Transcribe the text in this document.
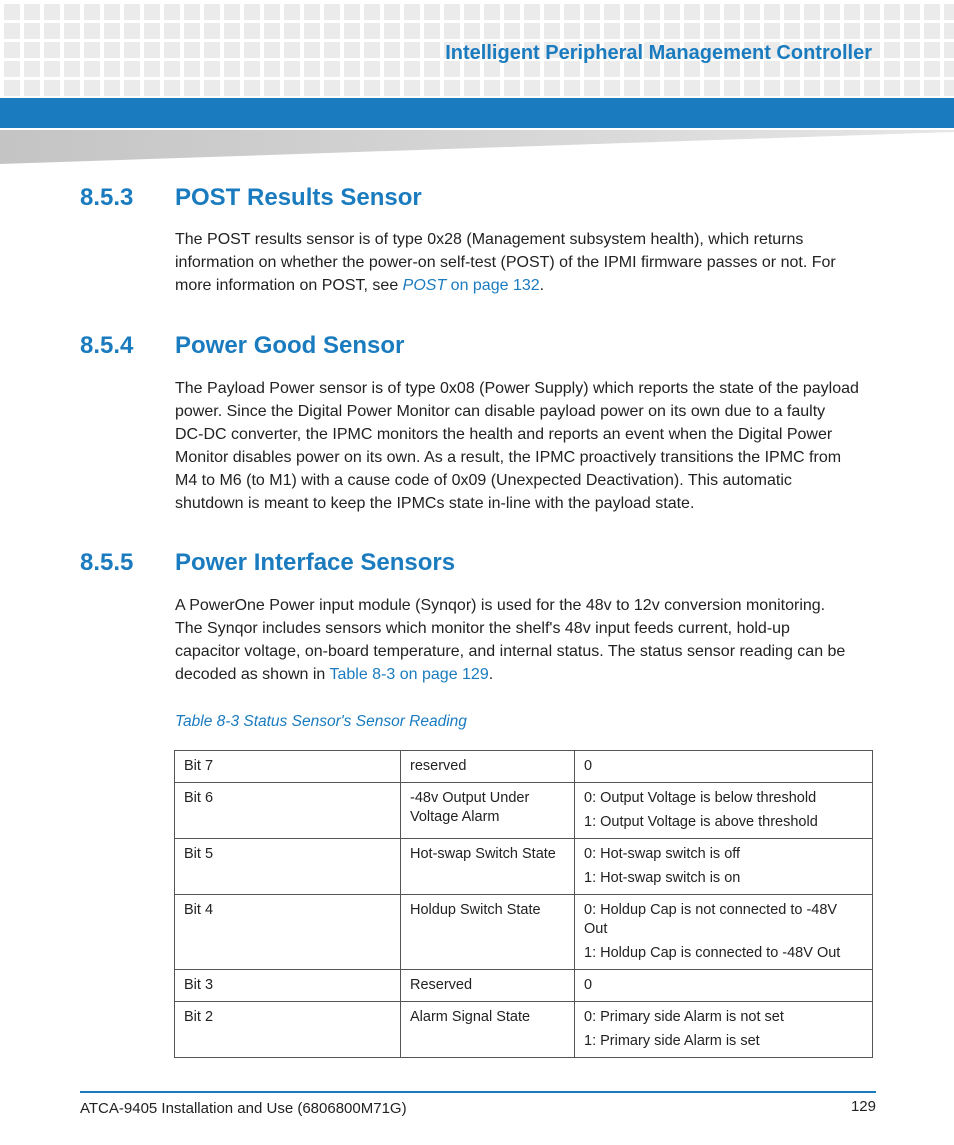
Intelligent Peripheral Management Controller
8.5.3 POST Results Sensor

The POST results sensor is of type 0x28 (Management subsystem health), which returns

information on whether the power-on self-test (POST) of the IPMI firmware passes or not. For

more information on POST, see POST on page 132.

8.5.4 Power Good Sensor

The Payload Power sensor is of type 0x08 (Power Supply) which reports the state of the payload

power. Since the Digital Power Monitor can disable payload power on its own due to a faulty

DC-DC converter, the IPMC monitors the health and reports an event when the Digital Power

Monitor disables power on its own. As a result, the IPMC proactively transitions the IPMC from

M4 to M6 (to M1) with a cause code of 0x09 (Unexpected Deactivation). This automatic

shutdown is meant to keep the IPMCs state in-line with the payload state.

8.5.5 Power Interface Sensors

A PowerOne Power input module (Synqor) is used for the 48v to 12v conversion monitoring.

The Synqor includes sensors which monitor the shelf's 48v input feeds current, hold-up

capacitor voltage, on-board temperature, and internal status. The status sensor reading can be

decoded as shown in Table 8-3 on page 129.

Table 8-3 Status Sensor's Sensor Reading
Bit 7	reserved	0

Bit 6	-48v Output Under Voltage Alarm	0: Output Voltage is below threshold
1: Output Voltage is above threshold

Bit 5	Hot-swap Switch State	0: Hot-swap switch is off
1: Hot-swap switch is on

Bit 4	Holdup Switch State	0: Holdup Cap is not connected to -48V Out
1: Holdup Cap is connected to -48V Out

Bit 3	Reserved	0

Bit 2	Alarm Signal State	0: Primary side Alarm is not set
1: Primary side Alarm is set
ATCA-9405 Installation and Use (6806800M71G)	129
